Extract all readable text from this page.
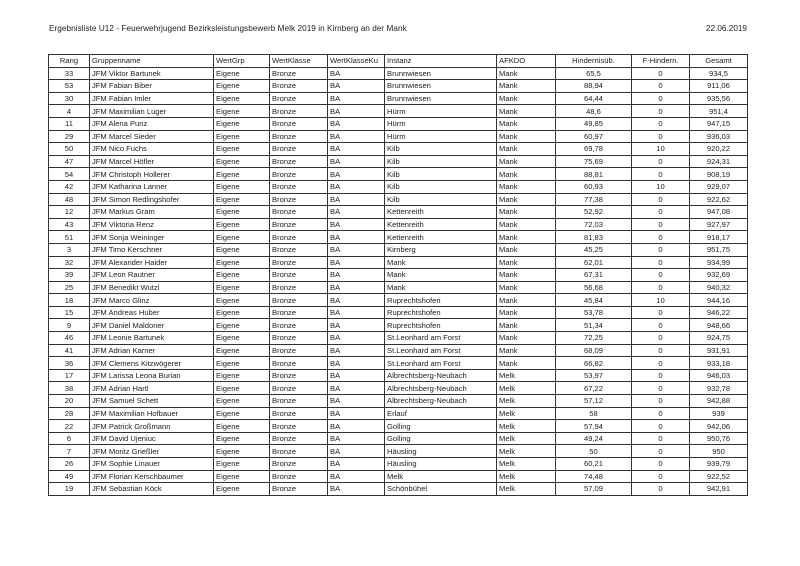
Ergebnisliste U12 - Feuerwehrjugend Bezirksleistungsbewerb Melk 2019 in Kirnberg an der Mank	22.06.2019
Rang	Gruppenname	WertGrp	WertKlasse	WertKlasseKu	Instanz	AFKDO	Hindernisüb.	F-Hindern.	Gesamt
33	JFM Viktor Bartunek	Eigene	Bronze	BA	Brunnwiesen	Mank	65,5	0	934,5
53	JFM Fabian Biber	Eigene	Bronze	BA	Brunnwiesen	Mank	88,94	0	911,06
30	JFM Fabian Imler	Eigene	Bronze	BA	Brunnwiesen	Mank	64,44	0	935,56
4	JFM Maximilian Luger	Eigene	Bronze	BA	Hürm	Mank	48,6	0	951,4
11	JFM Alena Punz	Eigene	Bronze	BA	Hürm	Mank	49,85	0	947,15
29	JFM Marcel Sieder	Eigene	Bronze	BA	Hürm	Mank	60,97	0	936,03
50	JFM Nico Fuchs	Eigene	Bronze	BA	Kilb	Mank	69,78	10	920,22
47	JFM Marcel Höfler	Eigene	Bronze	BA	Kilb	Mank	75,69	0	924,31
54	JFM Christoph Hollerer	Eigene	Bronze	BA	Kilb	Mank	88,81	0	908,19
42	JFM Katharina Lanner	Eigene	Bronze	BA	Kilb	Mank	60,93	10	929,07
48	JFM Simon Redlingshofer	Eigene	Bronze	BA	Kilb	Mank	77,38	0	922,62
12	JFM Markus Gram	Eigene	Bronze	BA	Kettenreith	Mank	52,92	0	947,08
43	JFM Viktoria Renz	Eigene	Bronze	BA	Kettenreith	Mank	72,03	0	927,97
51	JFM Sonja Weininger	Eigene	Bronze	BA	Kettenreith	Mank	81,83	0	918,17
3	JFM Timo Kerschner	Eigene	Bronze	BA	Kirnberg	Mank	45,25	0	951,75
32	JFM Alexander Haider	Eigene	Bronze	BA	Mank	Mank	62,01	0	934,99
39	JFM Leon Rautner	Eigene	Bronze	BA	Mank	Mank	67,31	0	932,69
25	JFM Benedikt Wutzl	Eigene	Bronze	BA	Mank	Mank	56,68	0	940,32
18	JFM Marco Glinz	Eigene	Bronze	BA	Ruprechtshofen	Mank	45,84	10	944,16
15	JFM Andreas Huber	Eigene	Bronze	BA	Ruprechtshofen	Mank	53,78	0	946,22
9	JFM Daniel Maldoner	Eigene	Bronze	BA	Ruprechtshofen	Mank	51,34	0	948,66
46	JFM Leonie Bartunek	Eigene	Bronze	BA	St.Leonhard am Forst	Mank	72,25	0	924,75
41	JFM Adrian Karner	Eigene	Bronze	BA	St.Leonhard am Forst	Mank	68,09	0	931,91
36	JFM Clemens Kitzwögerer	Eigene	Bronze	BA	St.Leonhard am Forst	Mank	66,82	0	933,18
17	JFM Larissa Leona Burian	Eigene	Bronze	BA	Albrechtsberg-Neubach	Melk	53,97	0	946,03
38	JFM Adrian Hartl	Eigene	Bronze	BA	Albrechtsberg-Neubach	Melk	67,22	0	932,78
20	JFM Samuel Schett	Eigene	Bronze	BA	Albrechtsberg-Neubach	Melk	57,12	0	942,88
28	JFM Maximilian Hofbauer	Eigene	Bronze	BA	Erlauf	Melk	58	0	939
22	JFM Patrick Großmann	Eigene	Bronze	BA	Golling	Melk	57,94	0	942,06
6	JFM David Ujeniuc	Eigene	Bronze	BA	Golling	Melk	49,24	0	950,76
7	JFM Moritz Grießler	Eigene	Bronze	BA	Häusling	Melk	50	0	950
26	JFM Sophie Linauer	Eigene	Bronze	BA	Häusling	Melk	60,21	0	939,79
49	JFM Florian Kerschbaumer	Eigene	Bronze	BA	Melk	Melk	74,48	0	922,52
19	JFM Sebastian Köck	Eigene	Bronze	BA	Schönbühel	Melk	57,09	0	942,91
